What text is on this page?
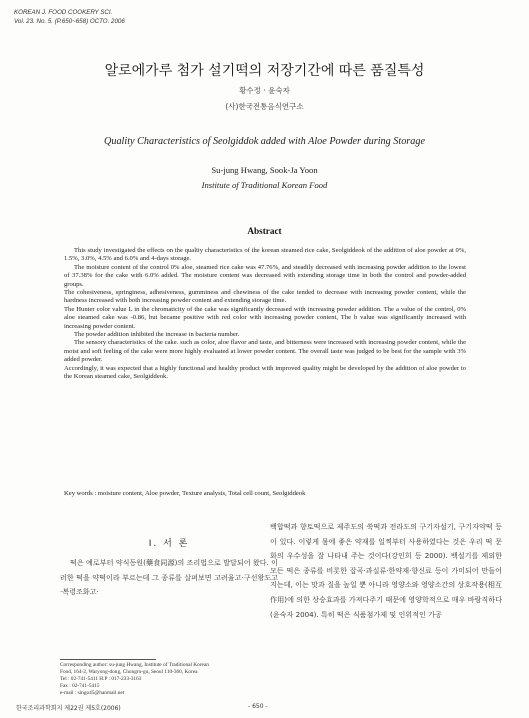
KOREAN J. FOOD COOKERY SCI.
Vol. 23. No. 5. (P.650~658) OCTO. 2006
알로에가루 첨가 설기떡의 저장기간에 따른 품질특성
황수정 · 윤숙자
(사)한국전통음식연구소
Quality Characteristics of Seolgiddok added with Aloe Powder during Storage
Su-jung Hwang, Sook-Ja Yoon
Institute of Traditional Korean Food
Abstract

This study investigated the effects on the qualtiy characteristics of the korean steamed rice cake, Seolgiddeok of the addition of aloe powder at 0%, 1.5%, 3.0%, 4.5% and 6.0% and 4-days storage.

The moisture content of the control 0% aloe, steamed rice cake was 47.76%, and steadily decreased with increasing powder addition to the lowest of 37.38% for the cake with 6.0% added. The moisture content was decreased with extending storage time in both the control and powder-added groups.

The cohesiveness, springiness, adhesiveness, gumminess and chewiness of the cake tended to decrease with increasing powder content, while the hardness increased with both increasing powder content and extending storage time.

The Hunter color value L in the chromaticity of the cake was significantly decreased with increasing powder addition. The a value of the control, 0% aloe steamed cake was -0.86, but became positive with red color with increasing powder content, The b value was significantly increased with increasing powder content.

The powder addition inhibited the increase in bacteria number.

The sensory characteristics of the cake. such as color, aloe flavor and taste, and bitterness were increased with increasing powder content, while the moist and soft feeling of the cake were more highly evaluated at lower powder content. The overall taste was judged to be best for the sample with 3% added powder.

Accordingly, it was expected that a highly functional and healthy product with improved quality might be developed by the addition of aloe powder to the Korean steamed cake, Seolgiddeok.

Key words : moisture content, Aloe powder, Texture analysis, Total cell count, Seolgiddeok
Ⅰ. 서 론

떡은 예로부터 약식동원(藥食同源)의 조리법으로 발달되어 왔다. 이러한 떡을 약떡이라 부르는데 그 종류를 살펴보면 고려율고·구선왕도고·복령조화고·

백합떡과 향토떡으로 제주도의 쑥떡과 전라도의 구기자설기, 구기자약떡 등이 있다. 이렇게 몸에 좋은 약재를 일찍부터 사용하였다는 것은 우리 떡 문화의 우수성을 잘 나타내 주는 것이다(강인희 등 2000). 백설기를 제외한 모든 떡은 종류를 비롯한 잡곡·과실류·한약재·향신료 등이 가미되어 만들어지는데, 이는 맛과 질을 높일 뿐 아니라 영양소와 영양소간의 상호작용(相互作用)에 의한 상승효과를 가져다주기 때문에 영양학적으로 매우 바람직하다(윤숙자 2004). 특히 떡은 식품첨가제 및 인위적인 가공

Corresponding author: su-jung Hwang, Institute of Traditional Korean
Food, 164-2, Waryong-dong, Chongro-gu, Seoul 110-360, Korea
Tel : 02-741-5411 H.P : 017-233-3163
Fax : 02-741-5415
e-mail : singo45@hanmail.net
한국조리과학회지 제22권 제5호(2006)	- 650 -
